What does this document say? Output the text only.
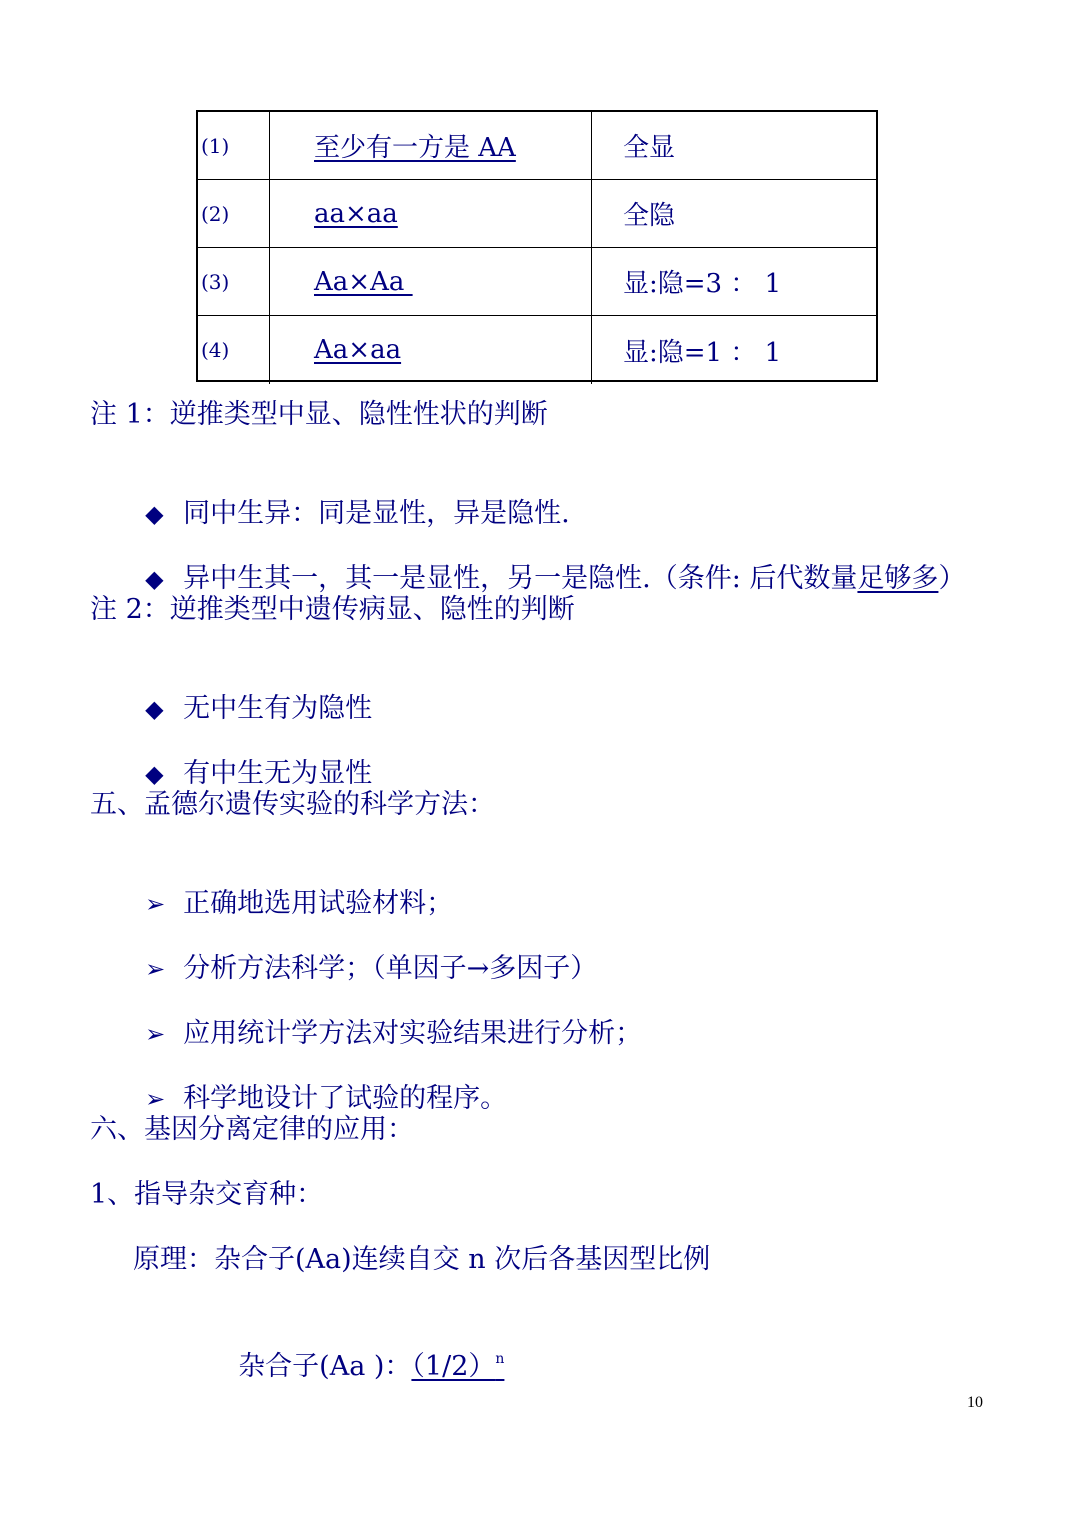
(1)	至少有一方是 AA	全显
(2)	aa×aa	全隐
(3)	Aa×Aa	显:隐=3 ： 1
(4)	Aa×aa	显:隐=1 ： 1
注 1：逆推类型中显、隐性性状的判断

◆ 同中生异：同是显性，异是隐性.

◆ 异中生其一，其一是显性，另一是隐性.（条件: 后代数量足够多）

注 2：逆推类型中遗传病显、隐性的判断

◆ 无中生有为隐性

◆ 有中生无为显性

五、孟德尔遗传实验的科学方法：

➢ 正确地选用试验材料；

➢ 分析方法科学；（单因子→多因子）

➢ 应用统计学方法对实验结果进行分析；

➢ 科学地设计了试验的程序。

六、基因分离定律的应用：
1、指导杂交育种：
原理：杂合子(Aa)连续自交 n 次后各基因型比例

杂合子(Aa )：$(1/2)^n$

10
